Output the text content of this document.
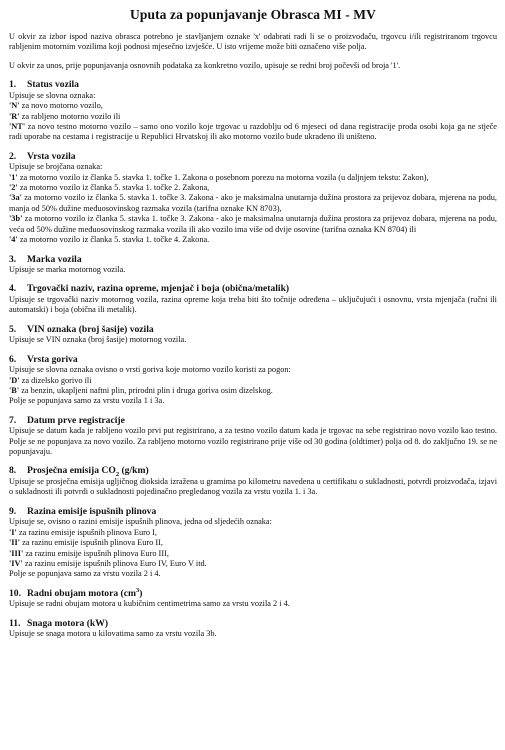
Uputa za popunjavanje Obrasca MI - MV

U okvir za izbor ispod naziva obrasca potrebno je stavljanjem oznake 'x' odabrati radi li se o proizvođaču, trgovcu i/ili registriranom trgovcu rabljenim motornim vozilima koji podnosi mjesečno izvješće. U isto vrijeme može biti označeno više polja.

U okvir za unos, prije popunjavanja osnovnih podataka za konkretno vozilo, upisuje se redni broj počevši od broja '1'.

1. Status vozila

Upisuje se slovna oznaka:

'N' za novo motorno vozilo,

'R' za rabljeno motorno vozilo ili

'NT' za novo testno motorno vozilo – samo ono vozilo koje trgovac u razdoblju od 6 mjeseci od dana registracije proda osobi koja ga ne stječe radi uporabe na cestama i registracije u Republici Hrvatskoj ili ako motorno vozilo bude ukradeno ili uništeno.

2. Vrsta vozila

Upisuje se brojčana oznaka:

'1' za motorno vozilo iz članka 5. stavka 1. točke 1. Zakona o posebnom porezu na motorna vozila (u daljnjem tekstu: Zakon),

'2' za motorno vozilo iz članka 5. stavka 1. točke 2. Zakona,

'3a' za motorno vozilo iz članka 5. stavka 1. točke 3. Zakona - ako je maksimalna unutarnja dužina prostora za prijevoz dobara, mjerena na podu, manja od 50% dužine međuosovinskog razmaka vozila (tarifna oznake KN 8703),

'3b' za motorno vozilo iz članka 5. stavka 1. točke 3. Zakona - ako je maksimalna unutarnja dužina prostora za prijevoz dobara, mjerena na podu, veća od 50% dužine međuosovinskog razmaka vozila ili ako vozilo ima više od dvije osovine (tarifna oznaka KN 8704) ili

'4' za motorno vozilo iz članka 5. stavka 1. točke 4. Zakona.

3. Marka vozila

Upisuje se marka motornog vozila.

4. Trgovački naziv, razina opreme, mjenjač i boja (obična/metalik)

Upisuje se trgovački naziv motornog vozila, razina opreme koja treba biti što točnije određena – uključujući i osnovnu, vrsta mjenjača (ručni ili automatski) i boja (obična ili metalik).

5. VIN oznaka (broj šasije) vozila

Upisuje se VIN oznaka (broj šasije) motornog vozila.

6. Vrsta goriva

Upisuje se slovna oznaka ovisno o vrsti goriva koje motorno vozilo koristi za pogon:

'D' za dizelsko gorivo ili

'B' za benzin, ukapljeni naftni plin, prirodni plin i druga goriva osim dizelskog.

Polje se popunjava samo za vrstu vozila 1 i 3a.

7. Datum prve registracije

Upisuje se datum kada je rabljeno vozilo prvi put registrirano, a za testno vozilo datum kada je trgovac na sebe registrirao novo vozilo kao testno. Polje se ne popunjava za novo vozilo. Za rabljeno motorno vozilo registrirano prije više od 30 godina (oldtimer) polja od 8. do zaključno 19. se ne popunjavaju.

8. Prosječna emisija $CO_2$ (g/km)

Upisuje se prosječna emisija ugljičnog dioksida izražena u gramima po kilometru navedena u certifikatu o sukladnosti, potvrdi proizvođača, izjavi o sukladnosti ili potvrdi o sukladnosti pojedinačno pregledanog vozila za vrstu vozila 1. i 3a.

9. Razina emisije ispušnih plinova

Upisuje se, ovisno o razini emisije ispušnih plinova, jedna od sljedećih oznaka:

'I' za razinu emisije ispušnih plinova Euro I,

'II' za razinu emisije ispušnih plinova Euro II,

'III' za razinu emisije ispušnih plinova Euro III,

'IV' za razinu emisije ispušnih plinova Euro IV, Euro V itd.

Polje se popunjava samo za vrstu vozila 2 i 4.

10. Radni obujam motora $(cm^3)$

Upisuje se radni obujam motora u kubičnim centimetrima samo za vrstu vozila 2 i 4.

11. Snaga motora (kW)

Upisuje se snaga motora u kilovatima samo za vrstu vozila 3b.
